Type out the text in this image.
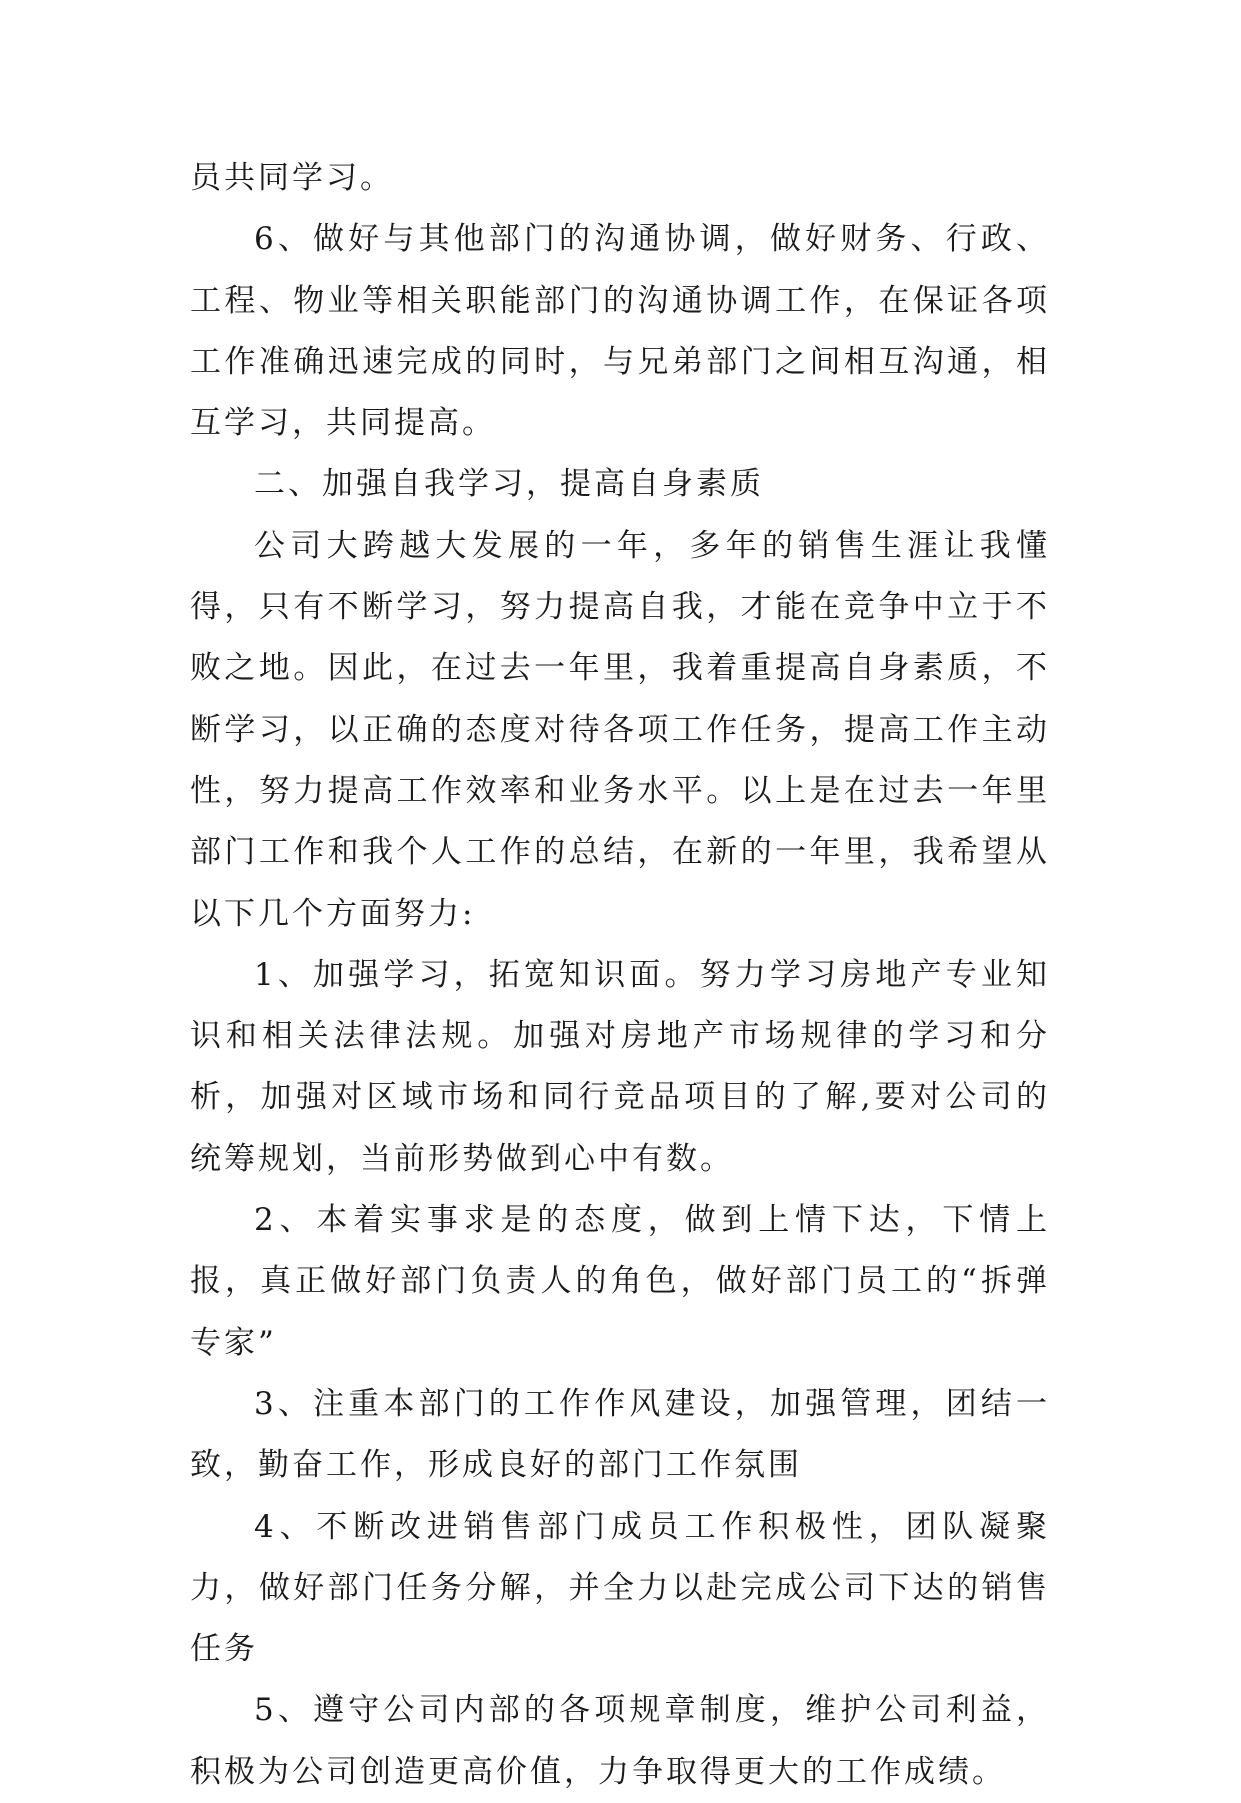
员共同学习。

6、做好与其他部门的沟通协调，做好财务、行政、工程、物业等相关职能部门的沟通协调工作，在保证各项工作准确迅速完成的同时，与兄弟部门之间相互沟通，相互学习，共同提高。

二、加强自我学习，提高自身素质

公司大跨越大发展的一年，多年的销售生涯让我懂得，只有不断学习，努力提高自我，才能在竞争中立于不败之地。因此，在过去一年里，我着重提高自身素质，不断学习，以正确的态度对待各项工作任务，提高工作主动性，努力提高工作效率和业务水平。以上是在过去一年里部门工作和我个人工作的总结，在新的一年里，我希望从以下几个方面努力:

1、加强学习，拓宽知识面。努力学习房地产专业知识和相关法律法规。加强对房地产市场规律的学习和分析，加强对区域市场和同行竞品项目的了解,要对公司的统筹规划，当前形势做到心中有数。

2、本着实事求是的态度，做到上情下达，下情上报，真正做好部门负责人的角色，做好部门员工的“拆弹专家”

3、注重本部门的工作作风建设，加强管理，团结一致，勤奋工作，形成良好的部门工作氛围

4、不断改进销售部门成员工作积极性，团队凝聚力，做好部门任务分解，并全力以赴完成公司下达的销售任务

5、遵守公司内部的各项规章制度，维护公司利益，积极为公司创造更高价值，力争取得更大的工作成绩。
